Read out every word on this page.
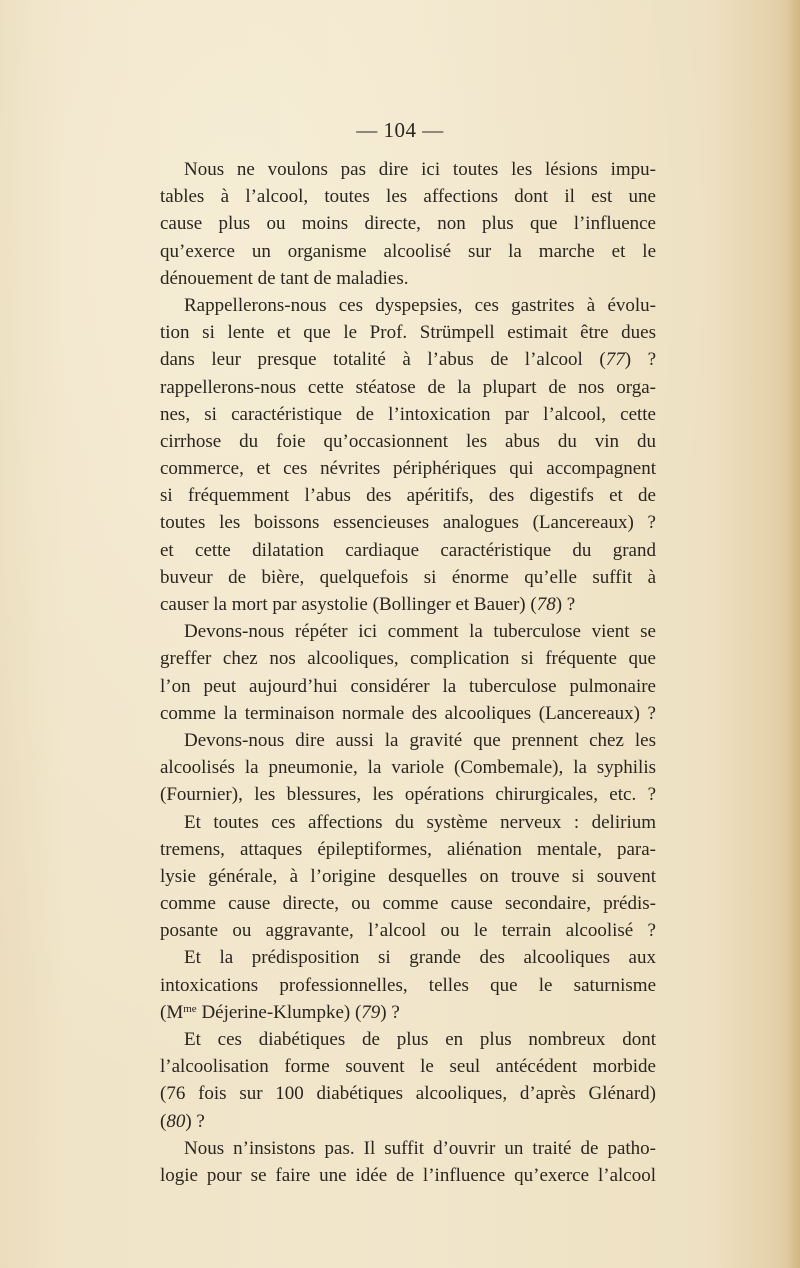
— 104 —
Nous ne voulons pas dire ici toutes les lésions impu-
tables à l’alcool, toutes les affections dont il est une
cause plus ou moins directe, non plus que l’influence
qu’exerce un organisme alcoolisé sur la marche et le
dénouement de tant de maladies.
Rappellerons-nous ces dyspepsies, ces gastrites à évolu-
tion si lente et que le Prof. Strümpell estimait être dues
dans leur presque totalité à l’abus de l’alcool (77) ?
rappellerons-nous cette stéatose de la plupart de nos orga-
nes, si caractéristique de l’intoxication par l’alcool, cette
cirrhose du foie qu’occasionnent les abus du vin du
commerce, et ces névrites périphériques qui accompagnent
si fréquemment l’abus des apéritifs, des digestifs et de
toutes les boissons essencieuses analogues (Lancereaux) ?
et cette dilatation cardiaque caractéristique du grand
buveur de bière, quelquefois si énorme qu’elle suffit à
causer la mort par asystolie (Bollinger et Bauer) (78) ?
Devons-nous répéter ici comment la tuberculose vient se
greffer chez nos alcooliques, complication si fréquente que
l’on peut aujourd’hui considérer la tuberculose pulmonaire
comme la terminaison normale des alcooliques (Lancereaux) ?
Devons-nous dire aussi la gravité que prennent chez les
alcoolisés la pneumonie, la variole (Combemale), la syphilis
(Fournier), les blessures, les opérations chirurgicales, etc. ?
Et toutes ces affections du système nerveux : delirium
tremens, attaques épileptiformes, aliénation mentale, para-
lysie générale, à l’origine desquelles on trouve si souvent
comme cause directe, ou comme cause secondaire, prédis-
posante ou aggravante, l’alcool ou le terrain alcoolisé ?
Et la prédisposition si grande des alcooliques aux
intoxications professionnelles, telles que le saturnisme
($M^{me}$ Déjerine-Klumpke) (79) ?
Et ces diabétiques de plus en plus nombreux dont
l’alcoolisation forme souvent le seul antécédent morbide
(76 fois sur 100 diabétiques alcooliques, d’après Glénard)
(80) ?
Nous n’insistons pas. Il suffit d’ouvrir un traité de patho-
logie pour se faire une idée de l’influence qu’exerce l’alcool
